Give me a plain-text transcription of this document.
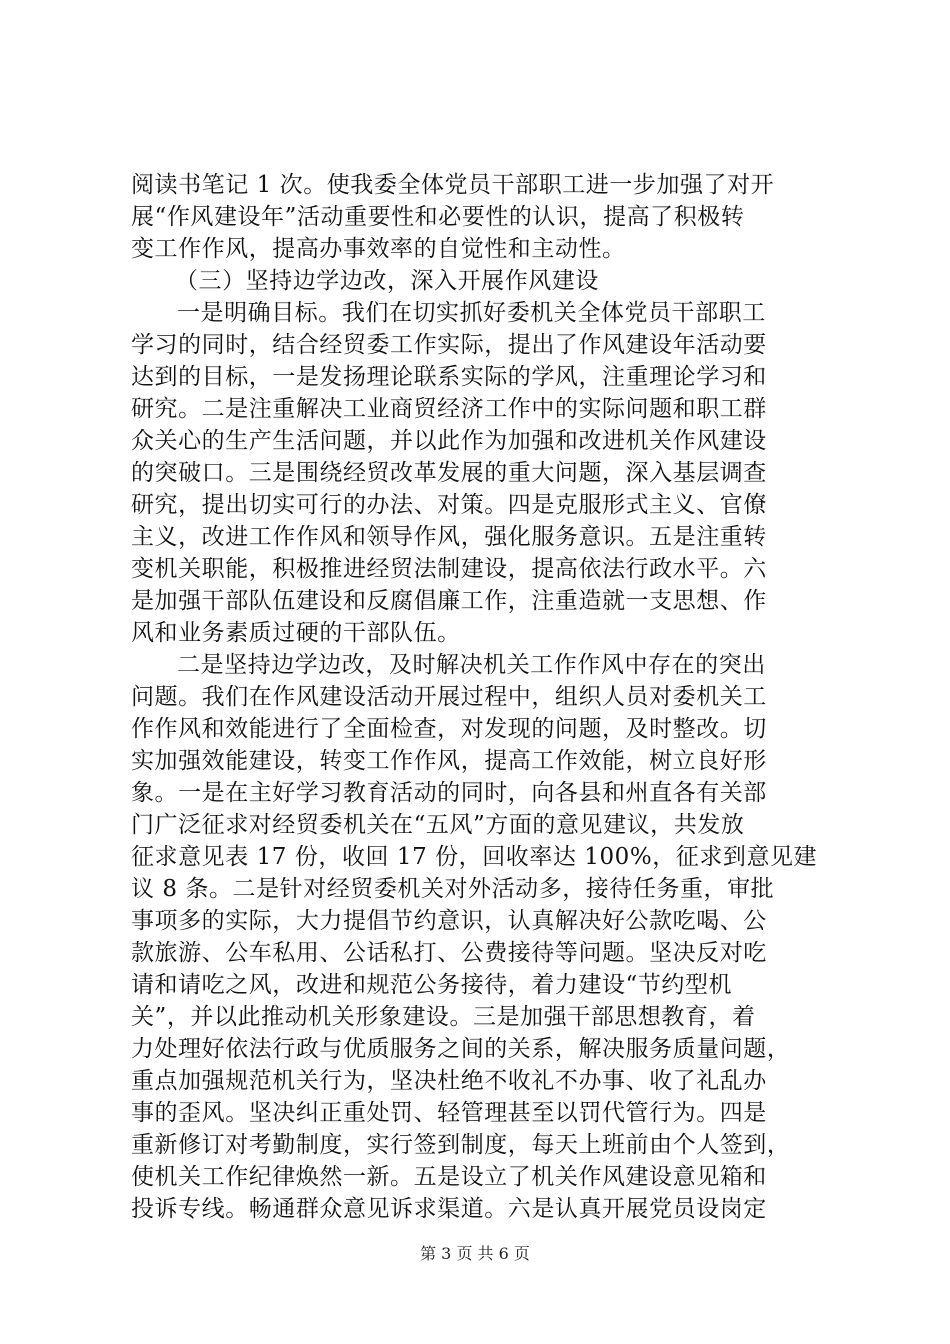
阅读书笔记 1 次。使我委全体党员干部职工进一步加强了对开
展“作风建设年”活动重要性和必要性的认识，提高了积极转
变工作作风，提高办事效率的自觉性和主动性。
（三）坚持边学边改，深入开展作风建设
一是明确目标。我们在切实抓好委机关全体党员干部职工
学习的同时，结合经贸委工作实际，提出了作风建设年活动要
达到的目标，一是发扬理论联系实际的学风，注重理论学习和
研究。二是注重解决工业商贸经济工作中的实际问题和职工群
众关心的生产生活问题，并以此作为加强和改进机关作风建设
的突破口。三是围绕经贸改革发展的重大问题，深入基层调查
研究，提出切实可行的办法、对策。四是克服形式主义、官僚
主义，改进工作作风和领导作风，强化服务意识。五是注重转
变机关职能，积极推进经贸法制建设，提高依法行政水平。六
是加强干部队伍建设和反腐倡廉工作，注重造就一支思想、作
风和业务素质过硬的干部队伍。
二是坚持边学边改，及时解决机关工作作风中存在的突出
问题。我们在作风建设活动开展过程中，组织人员对委机关工
作作风和效能进行了全面检查，对发现的问题，及时整改。切
实加强效能建设，转变工作作风，提高工作效能，树立良好形
象。一是在主好学习教育活动的同时，向各县和州直各有关部
门广泛征求对经贸委机关在“五风”方面的意见建议，共发放
征求意见表 17 份，收回 17 份，回收率达 100%，征求到意见建
议 8 条。二是针对经贸委机关对外活动多，接待任务重，审批
事项多的实际，大力提倡节约意识，认真解决好公款吃喝、公
款旅游、公车私用、公话私打、公费接待等问题。坚决反对吃
请和请吃之风，改进和规范公务接待，着力建设“节约型机
关”，并以此推动机关形象建设。三是加强干部思想教育，着
力处理好依法行政与优质服务之间的关系，解决服务质量问题，
重点加强规范机关行为，坚决杜绝不收礼不办事、收了礼乱办
事的歪风。坚决纠正重处罚、轻管理甚至以罚代管行为。四是
重新修订对考勤制度，实行签到制度，每天上班前由个人签到，
使机关工作纪律焕然一新。五是设立了机关作风建设意见箱和
投诉专线。畅通群众意见诉求渠道。六是认真开展党员设岗定
第 3 页 共 6 页
